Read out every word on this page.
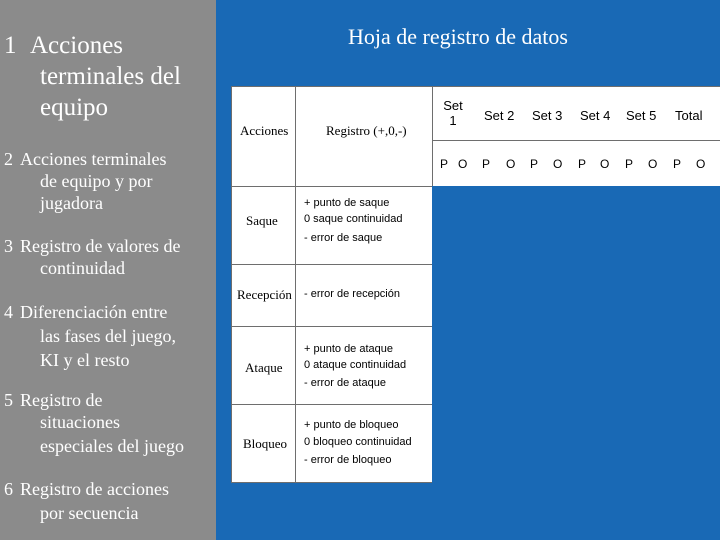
1 Acciones
terminales del
equipo
2 Acciones terminales
de equipo y por
jugadora
3 Registro de valores de
continuidad
4 Diferenciación entre
las fases del juego,
KI y el resto
5 Registro de
situaciones
especiales del juego
6 Registro de acciones
por secuencia
Hoja de registro de datos
Acciones	Registro (+,0,-)
Set 1	Set 2 Set 3 Set 4 Set 5 Total
P O P O P O P O P O P O
Saque
+ punto de saque
0 saque continuidad
- error de saque
Recepción - error de recepción
Ataque
+ punto de ataque
0 ataque continuidad
- error de ataque
Bloqueo
+ punto de bloqueo
0 bloqueo continuidad
- error de bloqueo
